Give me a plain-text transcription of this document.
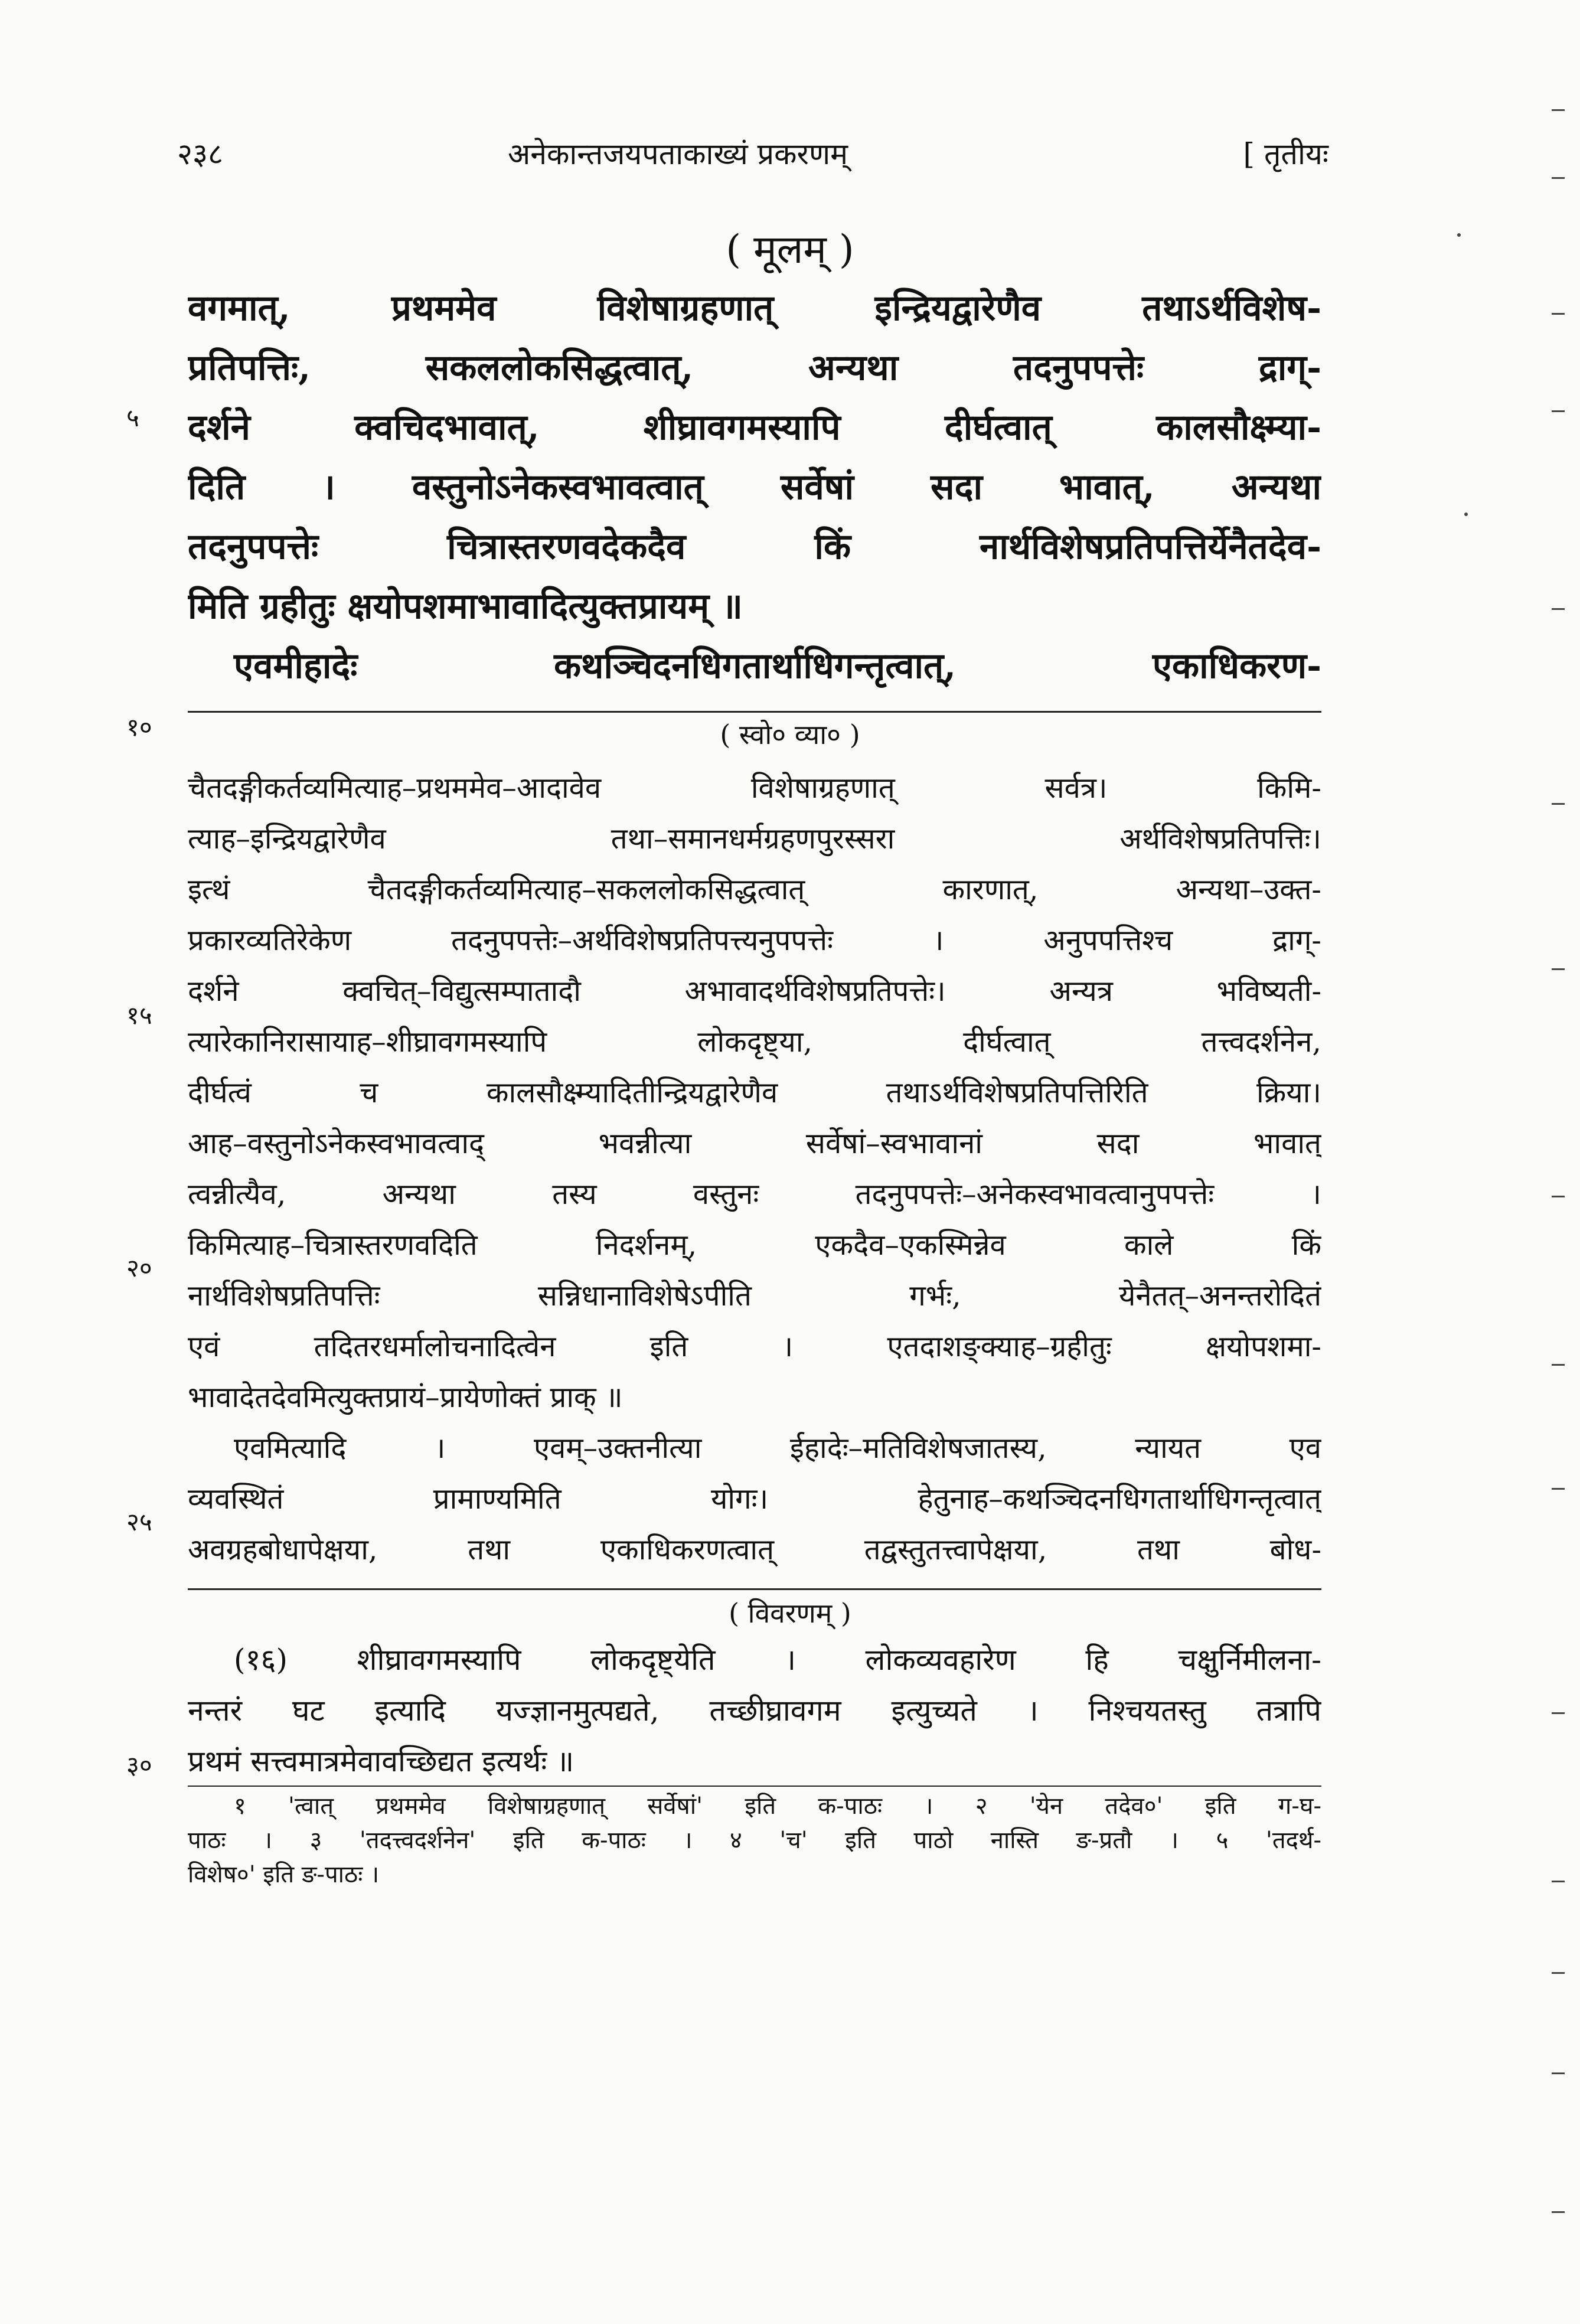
२३८	अनेकान्तजयपताकाख्यं प्रकरणम्	[ तृतीयः
( मूलम् )
वगमात्, प्रथममेव विशेषाग्रहणात् इन्द्रियद्वारेणैव तथाऽर्थविशेष-
प्रतिपत्तिः, सकललोकसिद्धत्वात्, अन्यथा तदनुपपत्तेः द्राग्-
दर्शने क्वचिदभावात्, शीघ्रावगमस्यापि दीर्घत्वात् कालसौक्ष्म्या-
दिति । वस्तुनोऽनेकस्वभावत्वात् सर्वेषां सदा भावात्, अन्यथा
तदनुपपत्तेः चित्रास्तरणवदेकदैव किं नार्थविशेषप्रतिपत्तिर्येनैतदेव-
मिति ग्रहीतुः क्षयोपशमाभावादित्युक्तप्रायम् ॥
एवमीहादेः कथञ्चिदनधिगतार्थाधिगन्तृत्वात्, एकाधिकरण-
५
१०	( स्वो० व्या० )
चैतदङ्गीकर्तव्यमित्याह–प्रथममेव–आदावेव विशेषाग्रहणात् सर्वत्र। किमि-
त्याह–इन्द्रियद्वारेणैव तथा–समानधर्मग्रहणपुरस्सरा अर्थविशेषप्रतिपत्तिः।
इत्थं चैतदङ्गीकर्तव्यमित्याह–सकललोकसिद्धत्वात् कारणात्, अन्यथा–उक्त-
प्रकारव्यतिरेकेण तदनुपपत्तेः–अर्थविशेषप्रतिपत्त्यनुपपत्तेः । अनुपपत्तिश्च द्राग्-
दर्शने क्वचित्–विद्युत्सम्पातादौ अभावादर्थविशेषप्रतिपत्तेः। अन्यत्र भविष्यती-
त्यारेकानिरासायाह–शीघ्रावगमस्यापि लोकदृष्ट्या, दीर्घत्वात् तत्त्वदर्शनेन,
दीर्घत्वं च कालसौक्ष्म्यादितीन्द्रियद्वारेणैव तथाऽर्थविशेषप्रतिपत्तिरिति क्रिया।
आह–वस्तुनोऽनेकस्वभावत्वाद् भवन्नीत्या सर्वेषां–स्वभावानां सदा भावात्
त्वन्नीत्यैव, अन्यथा तस्य वस्तुनः तदनुपपत्तेः–अनेकस्वभावत्वानुपपत्तेः ।
किमित्याह–चित्रास्तरणवदिति निदर्शनम्, एकदैव–एकस्मिन्नेव काले किं
नार्थविशेषप्रतिपत्तिः सन्निधानाविशेषेऽपीति गर्भः, येनैतत्–अनन्तरोदितं
एवं तदितरधर्मालोचनादित्वेन इति । एतदाशङ्क्याह–ग्रहीतुः क्षयोपशमा-
भावादेतदेवमित्युक्तप्रायं–प्रायेणोक्तं प्राक् ॥
एवमित्यादि । एवम्–उक्तनीत्या ईहादेः–मतिविशेषजातस्य, न्यायत एव
व्यवस्थितं प्रामाण्यमिति योगः। हेतुनाह–कथञ्चिदनधिगतार्थाधिगन्तृत्वात्
अवग्रहबोधापेक्षया, तथा एकाधिकरणत्वात् तद्वस्तुतत्त्वापेक्षया, तथा बोध-
१५
२०
२५
( विवरणम् )
(१६) शीघ्रावगमस्यापि लोकदृष्ट्येति । लोकव्यवहारेण हि चक्षुर्निमीलना-
नन्तरं घट इत्यादि यज्ज्ञानमुत्पद्यते, तच्छीघ्रावगम इत्युच्यते । निश्चयतस्तु तत्रापि
प्रथमं सत्त्वमात्रमेवावच्छिद्यत इत्यर्थः ॥
३०
१ 'त्वात् प्रथममेव विशेषाग्रहणात् सर्वेषां' इति क-पाठः । २ 'येन तदेव०' इति ग-घ-
पाठः । ३ 'तदत्त्वदर्शनेन' इति क-पाठः । ४ 'च' इति पाठो नास्ति ङ-प्रतौ । ५ 'तदर्थ-
विशेष०' इति ङ-पाठः ।
